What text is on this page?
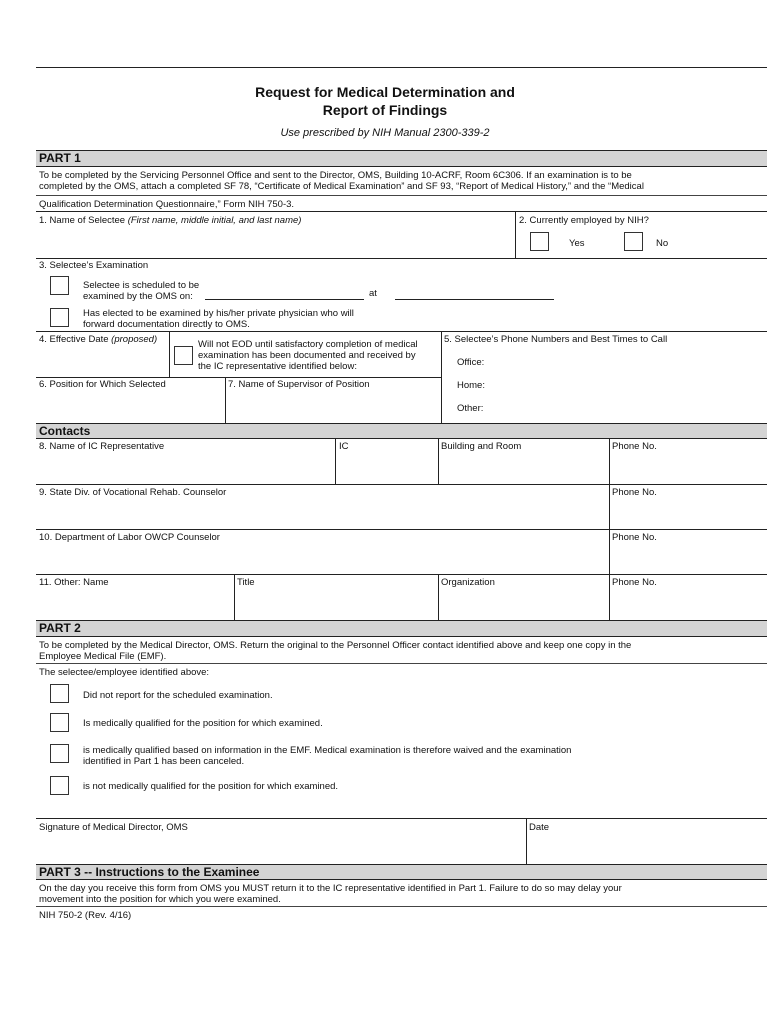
Request for Medical Determination and
Report of Findings
Use prescribed by NIH Manual 2300-339-2
PART 1
To be completed by the Servicing Personnel Office and sent to the Director, OMS, Building 10-ACRF, Room 6C306. If an examination is to be
completed by the OMS, attach a completed SF 78, “Certificate of Medical Examination” and SF 93, “Report of Medical History,” and the “Medical
Qualification Determination Questionnaire,” Form NIH 750-3.
1. Name of Selectee (First name, middle initial, and last name)	2. Currently employed by NIH?
Yes	No
3. Selectee’s Examination
Selectee is scheduled to be
examined by the OMS on:	at
Has elected to be examined by his/her private physician who will
forward documentation directly to OMS.
4. Effective Date (proposed)	Will not EOD until satisfactory completion of medical
examination has been documented and received by
the IC representative identified below:
5. Selectee’s Phone Numbers and Best Times to Call
Office:
Home:
Other:
6. Position for Which Selected	7. Name of Supervisor of Position
Contacts
8. Name of IC Representative	IC	Building and Room	Phone No.
9. State Div. of Vocational Rehab. Counselor	Phone No.
10. Department of Labor OWCP Counselor	Phone No.
11. Other: Name	Title	Organization	Phone No.
PART 2
To be completed by the Medical Director, OMS. Return the original to the Personnel Officer contact identified above and keep one copy in the
Employee Medical File (EMF).
The selectee/employee identified above:
Did not report for the scheduled examination.
Is medically qualified for the position for which examined.
is medically qualified based on information in the EMF. Medical examination is therefore waived and the examination
identified in Part 1 has been canceled.
is not medically qualified for the position for which examined.
Signature of Medical Director, OMS	Date
PART 3 -- Instructions to the Examinee
On the day you receive this form from OMS you MUST return it to the IC representative identified in Part 1. Failure to do so may delay your
movement into the position for which you were examined.
NIH 750-2 (Rev. 4/16)
